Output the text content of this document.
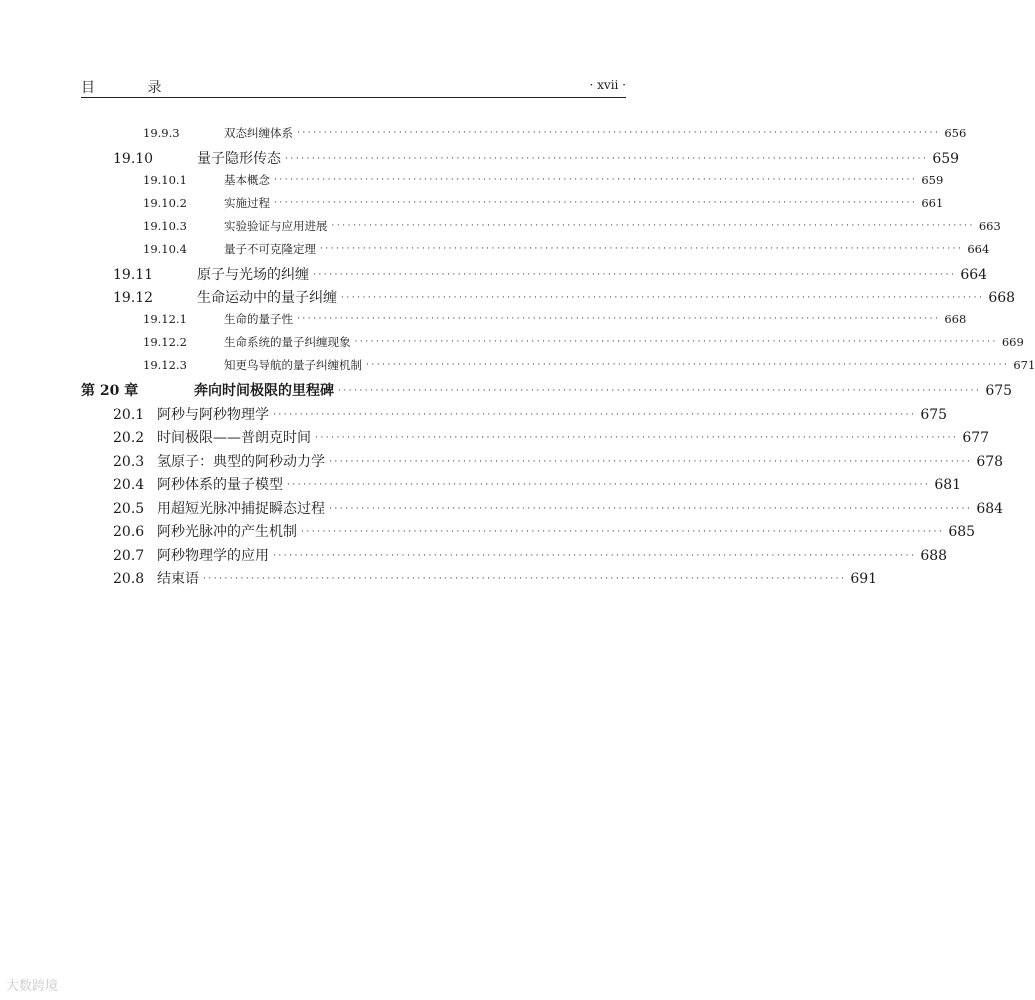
目 录	· xvii ·
19.9.3	双态纠缠体系 ························································································································ 656
19.10	量子隐形传态 ························································································································ 659
19.10.1	基本概念 ························································································································ 659
19.10.2	实施过程 ························································································································ 661
19.10.3	实验验证与应用进展 ························································································································ 663
19.10.4	量子不可克隆定理 ························································································································ 664
19.11	原子与光场的纠缠 ························································································································ 664
19.12	生命运动中的量子纠缠 ························································································································ 668
19.12.1	生命的量子性 ························································································································ 668
19.12.2	生命系统的量子纠缠现象 ························································································································ 669
19.12.3	知更鸟导航的量子纠缠机制 ························································································································ 671
第 20 章	奔向时间极限的里程碑 ························································································································ 675
20.1 阿秒与阿秒物理学 ························································································································ 675
20.2 时间极限——普朗克时间 ························································································································ 677
20.3 氢原子：典型的阿秒动力学 ························································································································ 678
20.4 阿秒体系的量子模型 ························································································································ 681
20.5 用超短光脉冲捕捉瞬态过程 ························································································································ 684
20.6 阿秒光脉冲的产生机制 ························································································································ 685
20.7 阿秒物理学的应用 ························································································································ 688
20.8 结束语 ························································································································ 691
大数跨境
